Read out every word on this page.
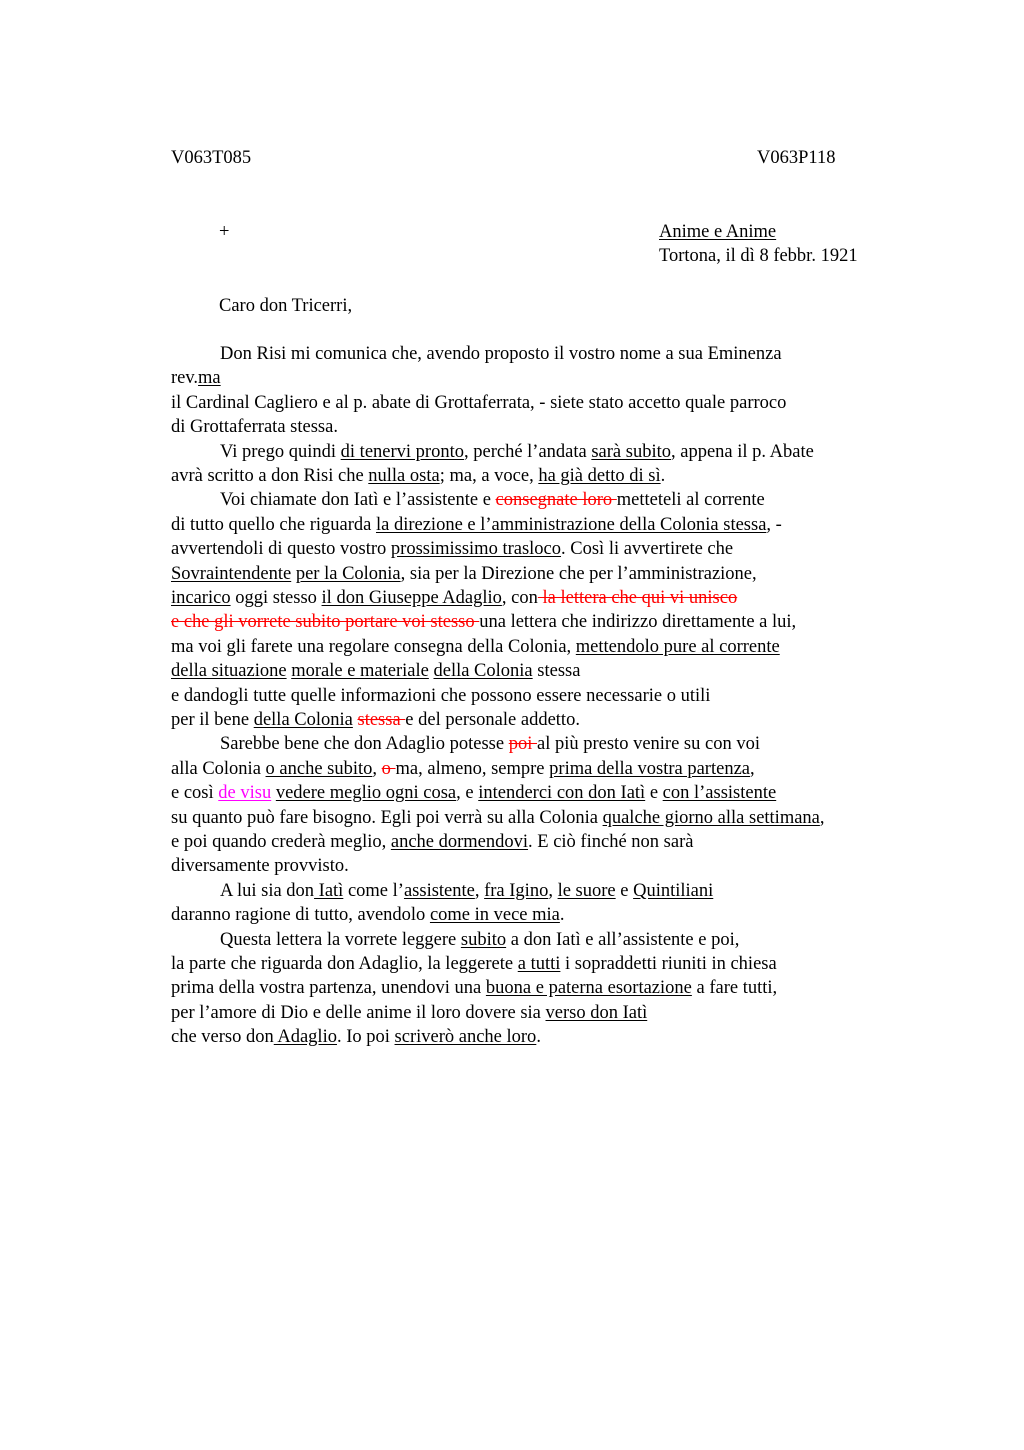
V063T085	V063P118
+	Anime e Anime
Tortona, il dì 8 febbr. 1921
Caro don Tricerri,
Don Risi mi comunica che, avendo proposto il vostro nome a sua Eminenza
rev.ma
il Cardinal Cagliero e al p. abate di Grottaferrata, - siete stato accetto quale parroco
di Grottaferrata stessa.
Vi prego quindi di tenervi pronto, perché l’andata sarà subito, appena il p. Abate
avrà scritto a don Risi che nulla osta; ma, a voce, ha già detto di sì.
Voi chiamate don Iatì e l’assistente e consegnate loro metteteli al corrente
di tutto quello che riguarda la direzione e l’amministrazione della Colonia stessa, -
avvertendoli di questo vostro prossimissimo trasloco. Così li avvertirete che
Sovraintendente per la Colonia, sia per la Direzione che per l’amministrazione,
incarico oggi stesso il don Giuseppe Adaglio, con la lettera che qui vi unisco
e che gli vorrete subito portare voi stesso una lettera che indirizzo direttamente a lui,
ma voi gli farete una regolare consegna della Colonia, mettendolo pure al corrente
della situazione morale e materiale della Colonia stessa
e dandogli tutte quelle informazioni che possono essere necessarie o utili
per il bene della Colonia stessa e del personale addetto.
Sarebbe bene che don Adaglio potesse poi al più presto venire su con voi
alla Colonia o anche subito, o ma, almeno, sempre prima della vostra partenza,
e così de visu vedere meglio ogni cosa, e intenderci con don Iatì e con l’assistente
su quanto può fare bisogno. Egli poi verrà su alla Colonia qualche giorno alla settimana,
e poi quando crederà meglio, anche dormendovi. E ciò finché non sarà
diversamente provvisto.
A lui sia don Iatì come l’assistente, fra Igino, le suore e Quintiliani
daranno ragione di tutto, avendolo come in vece mia.
Questa lettera la vorrete leggere subito a don Iatì e all’assistente e poi,
la parte che riguarda don Adaglio, la leggerete a tutti i sopraddetti riuniti in chiesa
prima della vostra partenza, unendovi una buona e paterna esortazione a fare tutti,
per l’amore di Dio e delle anime il loro dovere sia verso don Iatì
che verso don Adaglio. Io poi scriverò anche loro.
